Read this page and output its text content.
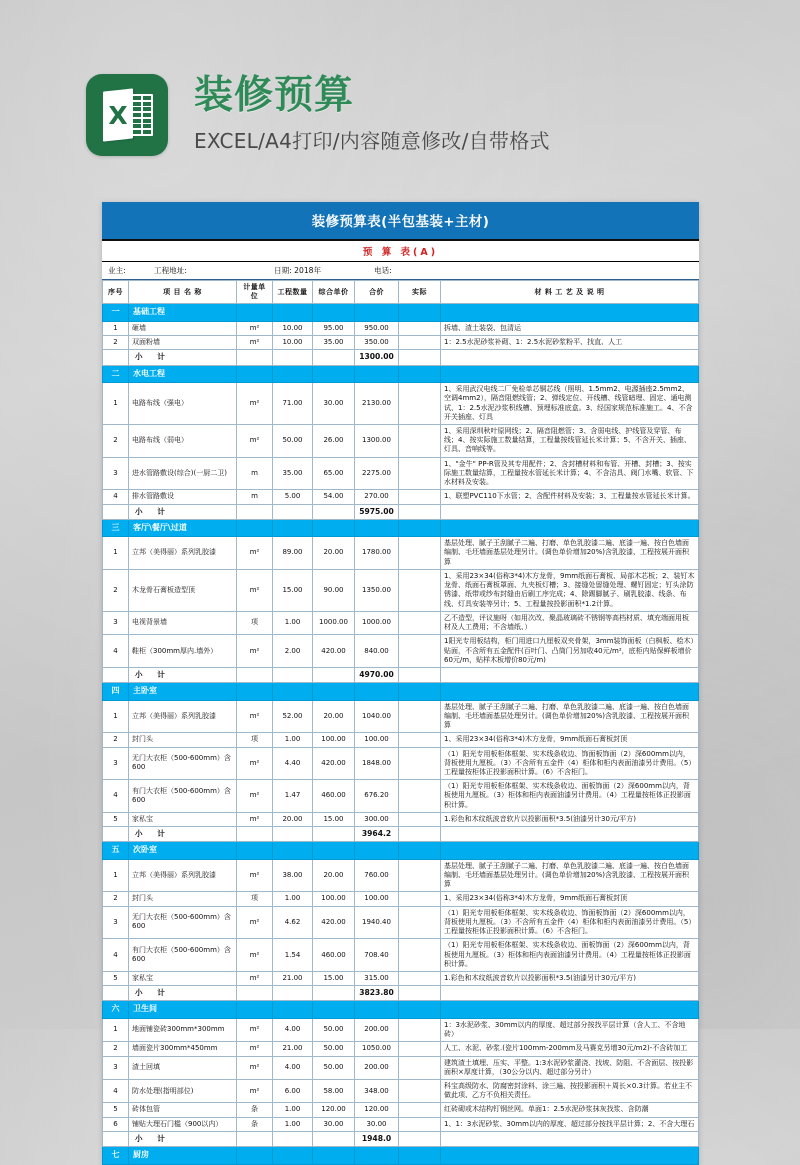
X
装修预算
EXCEL/A4打印/内容随意修改/自带格式
装修预算表(半包基装+主材)
预 算 表(A)
业主:	工程地址:	日期: 2018年	电话:
序号	项 目 名 称	计量单位	工程数量	综合单价	合价	实际	材 料 工 艺 及 说 明
一	基础工程						
1	砸墙	m²	10.00	95.00	950.00		拆墙、渣土装袋、包清运
2	双面粉墙	m²	10.00	35.00	350.00		1：2.5水泥砂浆补砌、1：2.5水泥砂浆粉平、找直、人工
	小 计				1300.00		
二	水电工程						
1	电路布线（强电）	m²	71.00	30.00	2130.00		1、采用武汉电线二厂免检单芯铜芯线（照明、1.5mm2、电源插座2.5mm2、空调4mm2），隔音阻燃线管；2、弹线定位、开线槽、线管暗埋、固定、通电测试、1：2.5水泥沙浆积线槽、预埋标准底盒。3、经国家规范标准施工。4、不含开关插座、灯具
2	电路布线（弱电）	m²	50.00	26.00	1300.00		1、采用深圳秋叶原网线；2、隔音阻燃管；3、含弱电线、护线管及穿管、布线；4、按实际施工数量结算，工程量按线管延长米计算；5、不含开关、插座、灯具、音响线等。
3	进水管路敷设(综合)(一厨二卫)	m	35.00	65.00	2275.00		1、"金牛" PP-R管及其专用配件；2、含封槽材料和布管、开槽、封槽；3、按实际施工数量结算，工程量按水管延长米计算；4、不含洁具、阀门水嘴、软管、下水材料及安装。
4	排水管路敷设	m	5.00	54.00	270.00		1、联塑PVC110下水管；2、含配件材料及安装；3、工程量按水管延长米计算。
	小 计				5975.00		
三	客厅\餐厅\过道						
1	立邦（美得丽）系列乳胶漆	m²	89.00	20.00	1780.00		基层处理、腻子王刮腻子二遍、打磨、单色乳胶漆二遍、底漆一遍、按白色墙面编制、毛坯墙面基层处理另计。(调色单价增加20%)含乳胶漆、工程按展开面积算
2	木龙骨石膏板造型顶	m²	15.00	90.00	1350.00		1、采用23×34(俗称3*4)木方龙骨，9mm纸面石膏板、局部木芯板；2、装钉木龙骨、纸面石膏板罩面、九夹板灯槽；3、接缝处留缝处理、螺钉固定；钉头涂防锈漆、纸带或纱布封缝由后刷工序完成；4、除踢脚腻子、刷乳胶漆、线条、布线、灯具安装等另计；5、工程量按投影面积*1.2计算。
3	电视背景墙	项	1.00	1000.00	1000.00		乙不造型，评议施呀（如用次改、聚晶玻璃砖不锈钢等高档材质、填充端面用板材及人工费用；不含墙纸、）
4	鞋柜（300mm厚内.墙外）	m²	2.00	420.00	840.00		1阳光专用板结构，柜门用进口九厘板双夹骨架，3mm装饰面板（白枫板、桧木）贴面，不含所有五金配件(百叶门、凸筒门另加收40元/m²，底柜内贴保鲜板增价60元/m，贴样木板增价80元/m)
	小 计				4970.00		
四	主卧室						
1	立邦（美得丽）系列乳胶漆	m²	52.00	20.00	1040.00		基层处理、腻子王刮腻子二遍、打磨、单色乳胶漆二遍、底漆一遍、按白色墙面编制、毛坯墙面基层处理另计。(调色单价增加20%)含乳胶漆、工程按展开面积算
2	封门头	项	1.00	100.00	100.00		1、采用23×34(俗称3*4)木方龙骨，9mm纸面石膏板封顶
3	无门大衣柜（500-600mm）含600	m²	4.40	420.00	1848.00		（1）阳光专用板柜体框架、实木线条收边、饰面板饰面（2）深600mm以内，背板使用九厘板。（3）不含所有五金件（4）柜体和柜内表面油漆另计费用。（5）工程量按柜体正投影面积计算。（6）不含柜门。
4	有门大衣柜（500-600mm）含600	m²	1.47	460.00	676.20		（1）阳光专用板柜体框架、实木线条收边、面板饰面（2）深600mm以内，背板使用九厘板。（3）柜体和柜内表面油漆另计费用。（4）工程量按柜体正投影面积计算。
5	家私宝	m²	20.00	15.00	300.00		1.彩色和木纹纸波音软片以投影面积*3.5(油漆另计30元/平方)
	小 计				3964.2		
五	次卧室						
1	立邦（美得丽）系列乳胶漆	m²	38.00	20.00	760.00		基层处理、腻子王刮腻子二遍、打磨、单色乳胶漆二遍、底漆一遍、按白色墙面编制、毛坯墙面基层处理另计。(调色单价增加20%)含乳胶漆、工程按展开面积算
2	封门头	项	1.00	100.00	100.00		1、采用23×34(俗称3*4)木方龙骨，9mm纸面石膏板封顶
3	无门大衣柜（500-600mm）含600	m²	4.62	420.00	1940.40		（1）阳光专用板柜体框架、实木线条收边、饰面板饰面（2）深600mm以内，背板使用九厘板。（3）不含所有五金件（4）柜体和柜内表面油漆另计费用。（5）工程量按柜体正投影面积计算。（6）不含柜门。
4	有门大衣柜（500-600mm）含600	m²	1.54	460.00	708.40		（1）阳光专用板柜体框架、实木线条收边、面板饰面（2）深600mm以内，背板使用九厘板。（3）柜体和柜内表面油漆另计费用。（4）工程量按柜体正投影面积计算。
5	家私宝	m²	21.00	15.00	315.00		1.彩色和木纹纸波音软片以投影面积*3.5(油漆另计30元/平方)
	小 计				3823.80		
六	卫生间						
1	地面铺瓷砖300mm*300mm	m²	4.00	50.00	200.00		1：3水泥砂浆、30mm以内的厚度、超过部分按找平层计算（含人工、不含地砖）
2	墙面瓷片300mm*450mm	m²	21.00	50.00	1050.00		人工、水泥、砂浆.(瓷片100mm-200mm及马赛克另增30元/m2)-不含砖加工
3	渣土回填	m²	4.00	50.00	200.00		建筑渣土填埋、压实、平整。1:3水泥砂浆灌浇、找坡、防阻、不含面层、按投影面积×厚度计算，（30公分以内、超过部分另计）
4	防水处理(指明部位)	m²	6.00	58.00	348.00		科宝高级防水、防腐密封涂料、涂三遍、按投影面积＋周长×0.3计算。若业主不做此项、乙方不负相关责任。
5	砖体包管	条	1.00	120.00	120.00		红砖砌或木结构钉钢丝网。单面1：2.5水泥砂浆抹灰找浆、含防潮
6	铺贴大理石门槛（900以内）	条	1.00	30.00	30.00		1、1：3水泥砂浆、30mm以内的厚度、超过部分按找平层计算；2、不含大理石
	小 计				1948.0		
七	厨房						
